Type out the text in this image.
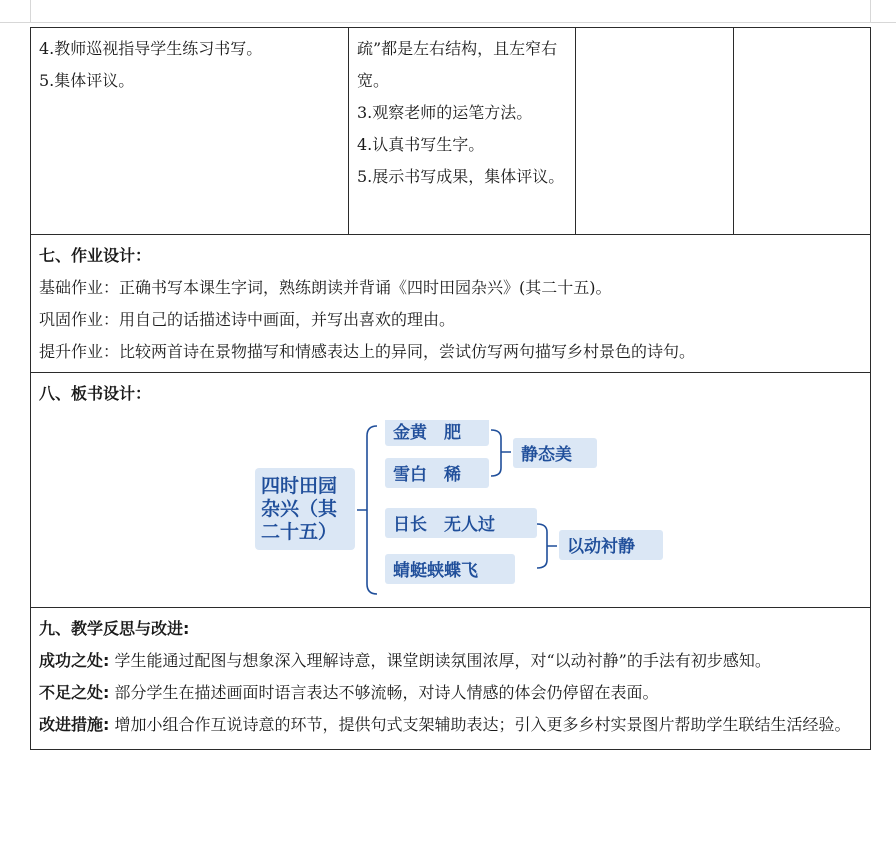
4.教师巡视指导学生练习书写。

5.集体评议。

疏”都是左右结构，且左窄右宽。

3.观察老师的运笔方法。

4.认真书写生字。

5.展示书写成果，集体评议。

七、作业设计：

基础作业：正确书写本课生字词，熟练朗读并背诵《四时田园杂兴》(其二十五)。

巩固作业：用自己的话描述诗中画面，并写出喜欢的理由。

提升作业：比较两首诗在景物描写和情感表达上的异同，尝试仿写两句描写乡村景色的诗句。

八、板书设计：

四时田园
杂兴（其
二十五）
金黄　肥
雪白　稀
静态美
日长　无人过
蜻蜓蛱蝶飞
以动衬静

九、教学反思与改进:

成功之处: 学生能通过配图与想象深入理解诗意，课堂朗读氛围浓厚，对“以动衬静”的手法有初步感知。

不足之处: 部分学生在描述画面时语言表达不够流畅，对诗人情感的体会仍停留在表面。

改进措施: 增加小组合作互说诗意的环节，提供句式支架辅助表达；引入更多乡村实景图片帮助学生联结生活经验。
